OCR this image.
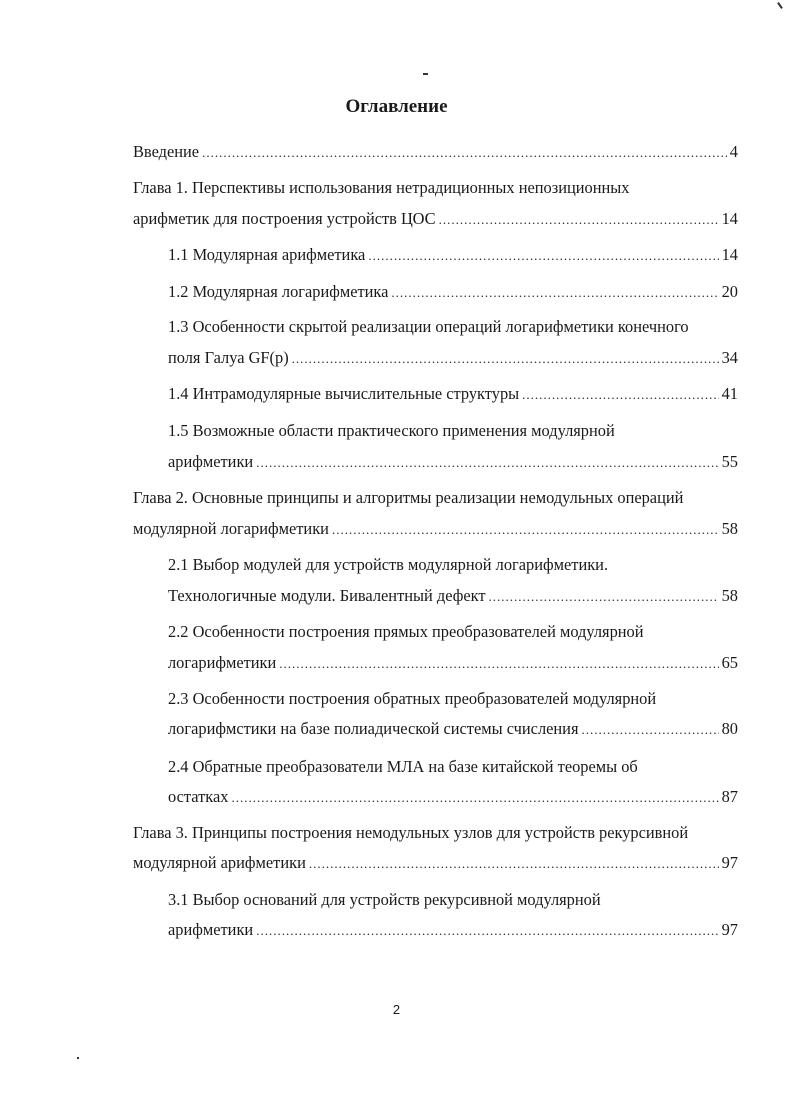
Оглавление
Введение .....	4
Глава 1. Перспективы использования нетрадиционных непозиционных
арифметик для построения устройств ЦОС .....	14
1.1 Модулярная арифметика .....	14
1.2 Модулярная логарифметика .....	20
1.3 Особенности скрытой реализации операций логарифметики конечного
поля Галуа GF(p) .....	34
1.4 Интрамодулярные вычислительные структуры .....	41
1.5 Возможные области практического применения модулярной
арифметики .....	55
Глава 2. Основные принципы и алгоритмы реализации немодульных операций
модулярной логарифметики .....	58
2.1 Выбор модулей для устройств модулярной логарифметики.
Технологичные модули. Бивалентный дефект .....	58
2.2 Особенности построения прямых преобразователей модулярной
логарифметики .....	65
2.3 Особенности построения обратных преобразователей модулярной
логарифмстики на базе полиадической системы счисления .....	80
2.4 Обратные преобразователи МЛА на базе китайской теоремы об
остатках .....	87
Глава 3. Принципы построения немодульных узлов для устройств рекурсивной
модулярной арифметики .....	97
3.1 Выбор оснований для устройств рекурсивной модулярной
арифметики .....	97
2
